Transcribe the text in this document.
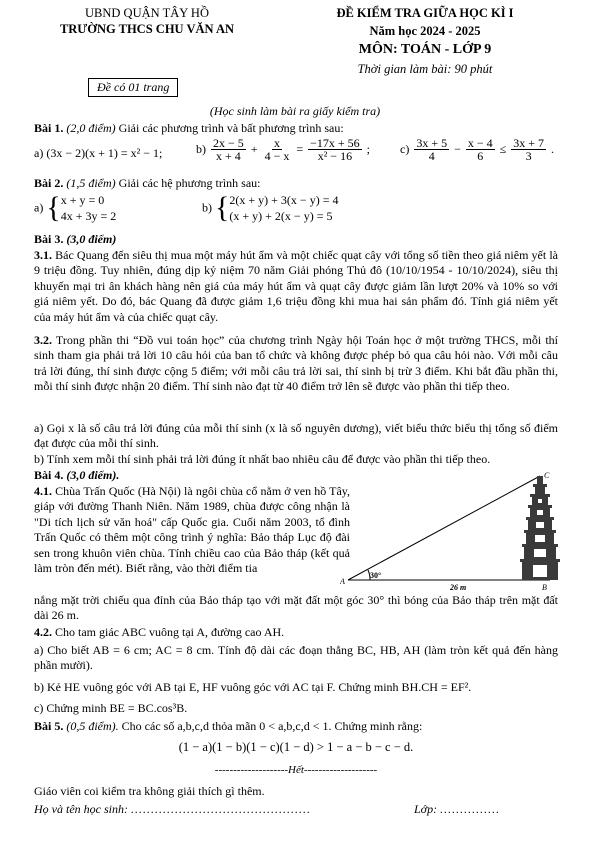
UBND QUẬN TÂY HỒ
TRƯỜNG THCS CHU VĂN AN
Đề có 01 trang
ĐỀ KIỂM TRA GIỮA HỌC KÌ I
Năm học 2024 - 2025
MÔN: TOÁN - LỚP 9
Thời gian làm bài: 90 phút
(Học sinh làm bài ra giấy kiểm tra)
Bài 1. (2,0 điểm) Giải các phương trình và bất phương trình sau:
a) (3x − 2)(x + 1) = x² − 1;	$b) \frac{2x - 5}{x + 4} + \frac{x}{4 - x} = \frac{-17x + 56}{\text{x² − 16}}$ ; $c) \frac{3x + 5}{4} - \frac{x - 4}{6} \le \frac{3x + 7}{3}$ .
Bài 2. (1,5 điểm) Giải các hệ phương trình sau:
a) { x + y = 0
4x + 3y = 2
b) { 2(x + y) + 3(x − y) = 4
(x + y) + 2(x − y) = 5
Bài 3. (3,0 điểm)
3.1. Bác Quang đến siêu thị mua một máy hút ẩm và một chiếc quạt cây với tổng số tiền theo giá niêm yết là 9 triệu đồng. Tuy nhiên, đúng dịp kỷ niệm 70 năm Giải phóng Thủ đô (10/10/1954 - 10/10/2024), siêu thị khuyến mại tri ân khách hàng nên giá của máy hút ẩm và quạt cây được giảm lần lượt 20% và 10% so với giá niêm yết. Do đó, bác Quang đã được giảm 1,6 triệu đồng khi mua hai sản phẩm đó. Tính giá niêm yết của máy hút ẩm và của chiếc quạt cây.
3.2. Trong phần thi “Đồ vui toán học” của chương trình Ngày hội Toán học ở một trường THCS, mỗi thí sinh tham gia phải trả lời 10 câu hỏi của ban tổ chức và không được phép bỏ qua câu hỏi nào. Với mỗi câu trả lời đúng, thí sinh được cộng 5 điểm; với mỗi câu trả lời sai, thí sinh bị trừ 3 điểm. Khi bắt đầu phần thi, mỗi thí sinh được nhận 20 điểm. Thí sinh nào đạt từ 40 điểm trở lên sẽ được vào phần thi tiếp theo.
a) Gọi x là số câu trả lời đúng của mỗi thí sinh (x là số nguyên dương), viết biểu thức biểu thị tổng số điểm đạt được của mỗi thí sinh.
b) Tính xem mỗi thí sinh phải trả lời đúng ít nhất bao nhiêu câu để được vào phần thi tiếp theo.
Bài 4. (3,0 điểm).
4.1. Chùa Trấn Quốc (Hà Nội) là ngôi chùa cổ nằm ở ven hồ Tây, giáp với đường Thanh Niên. Năm 1989, chùa được công nhận là "Di tích lịch sử văn hoá" cấp Quốc gia. Cuối năm 2003, tổ đình Trấn Quốc có thêm một công trình ý nghĩa: Bảo tháp Lục độ đài sen trong khuôn viên chùa. Tính chiều cao của Bảo tháp (kết quả làm tròn đến mét). Biết rằng, vào thời điểm tia
nắng mặt trời chiếu qua đỉnh của Bảo tháp tạo với mặt đất một góc 30° thì bóng của Bảo tháp trên mặt đất dài 26 m.
A
B
C
30°
26 m
4.2. Cho tam giác ABC vuông tại A, đường cao AH.
a) Cho biết AB = 6 cm; AC = 8 cm. Tính độ dài các đoạn thẳng BC, HB, AH (làm tròn kết quả đến hàng phần mười).
b) Kẻ HE vuông góc với AB tại E, HF vuông góc với AC tại F. Chứng minh BH.CH = EF².
c) Chứng minh BE = BC.cos³B.
Bài 5. (0,5 điểm). Cho các số a,b,c,d thỏa mãn 0 < a,b,c,d < 1. Chứng minh rằng:
(1 − a)(1 − b)(1 − c)(1 − d) > 1 − a − b − c − d.
--------------------Hết--------------------
Giáo viên coi kiểm tra không giải thích gì thêm.
Họ và tên học sinh: .............................................	Lớp: ...............
